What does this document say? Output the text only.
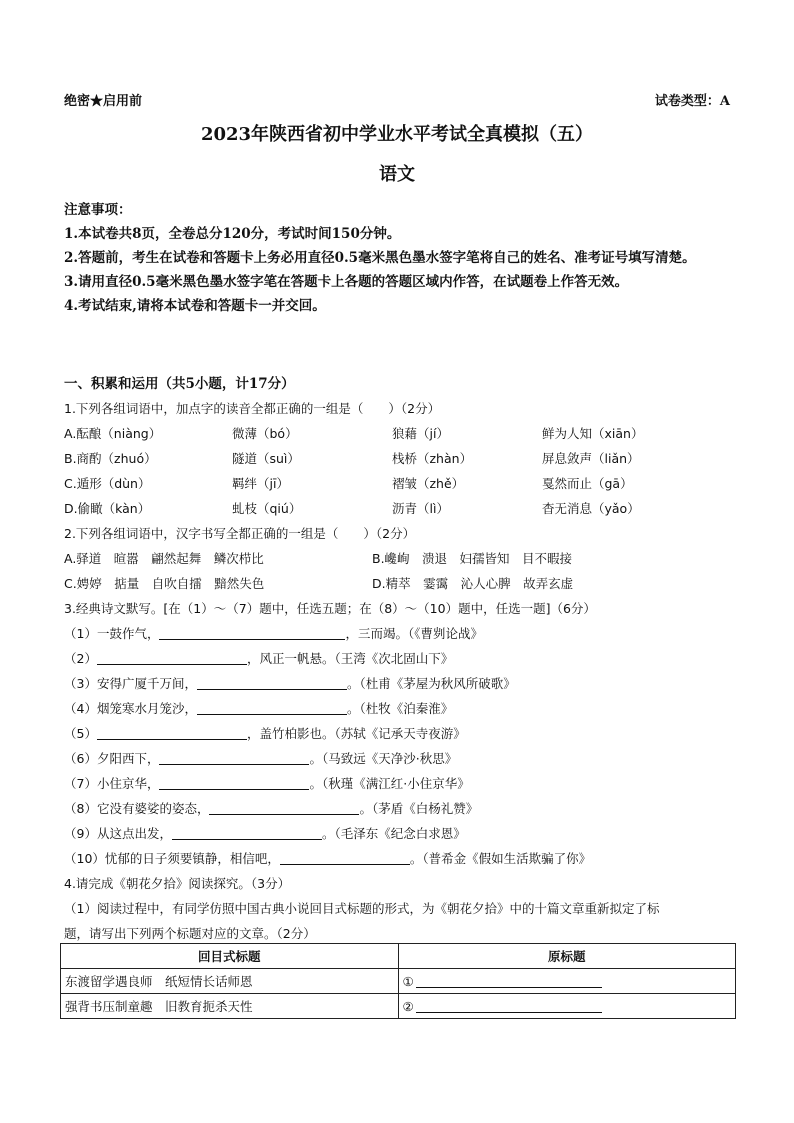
绝密★启用前	试卷类型：A
2023年陕西省初中学业水平考试全真模拟（五）
语文
注意事项：
1.本试卷共8页，全卷总分120分，考试时间150分钟。
2.答题前，考生在试卷和答题卡上务必用直径0.5毫米黑色墨水签字笔将自己的姓名、准考证号填写清楚。
3.请用直径0.5毫米黑色墨水签字笔在答题卡上各题的答题区域内作答，在试题卷上作答无效。
4.考试结束,请将本试卷和答题卡一并交回。
一、积累和运用（共5小题，计17分）
1.下列各组词语中，加点字的读音全都正确的一组是（　　）（2分）
A.酝酿（niàng）	微薄（bó）	狼藉（jí）	鲜为人知（xiān）
B.商酌（zhuó）	隧道（suì）	栈桥（zhàn）	屏息敛声（liǎn）
C.遁形（dùn）	羁绊（jī）	褶皱（zhě）	戛然而止（gā）
D.偷瞰（kàn）	虬枝（qiú）	沥青（lì）	杳无消息（yǎo）
2.下列各组词语中，汉字书写全都正确的一组是（　　）（2分）
A.驿道　暄嚣　翩然起舞　鳞次栉比	B.巉峋　溃退　妇孺皆知　目不暇接
C.娉婷　掂量　自吹自擂　黯然失色	D.精萃　霎霭　沁人心脾　故弄玄虚
3.经典诗文默写。[在（1）～（7）题中，任选五题；在（8）～（10）题中，任选一题]（6分）
（1）一鼓作气，	，三而竭。（《曹刿论战》
（2）	，风正一帆悬。（王湾《次北固山下》
（3）安得广厦千万间，	。（杜甫《茅屋为秋风所破歌》
（4）烟笼寒水月笼沙，	。（杜牧《泊秦淮》
（5）	，盖竹柏影也。（苏轼《记承天寺夜游》
（6）夕阳西下，	。（马致远《天净沙·秋思》
（7）小住京华，	。（秋瑾《满江红·小住京华》
（8）它没有婆娑的姿态，	。（茅盾《白杨礼赞》
（9）从这点出发，	。（毛泽东《纪念白求恩》
（10）忧郁的日子须要镇静，相信吧，	。（普希金《假如生活欺骗了你》
4.请完成《朝花夕拾》阅读探究。（3分）
（1）阅读过程中，有同学仿照中国古典小说回目式标题的形式，为《朝花夕拾》中的十篇文章重新拟定了标
题，请写出下列两个标题对应的文章。（2分）
回目式标题	原标题
东渡留学遇良师　纸短情长话师恩	①
强背书压制童趣　旧教育扼杀天性	②
